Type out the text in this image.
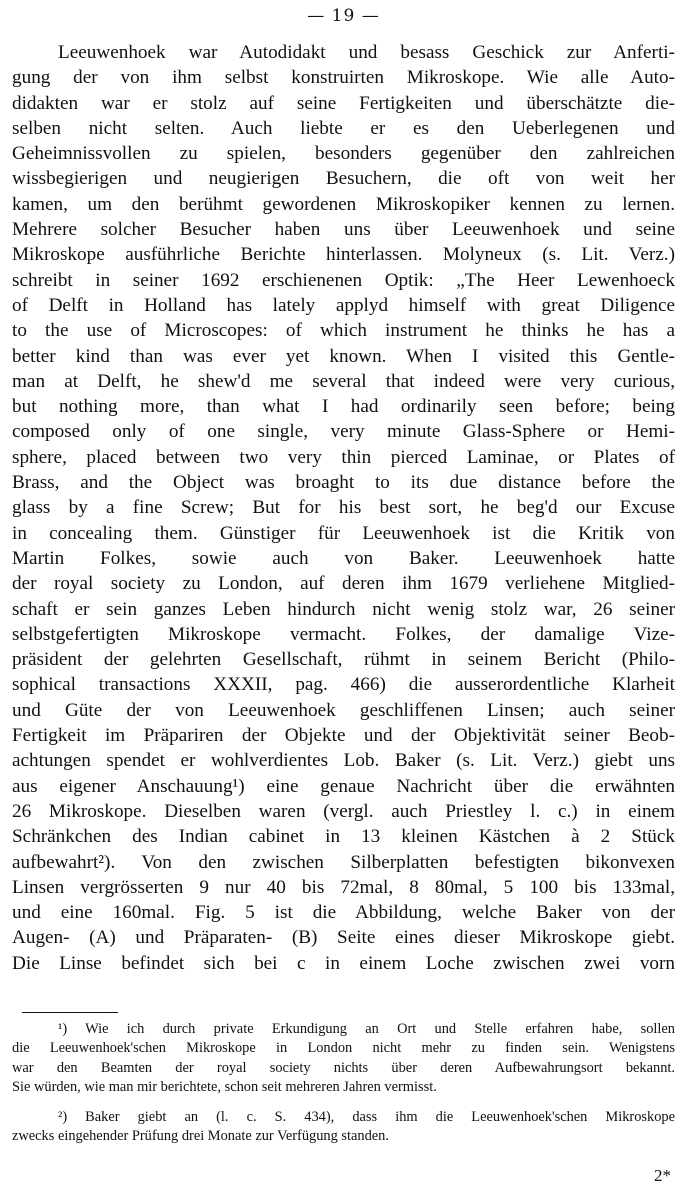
— 19 —
Leeuwenhoek war Autodidakt und besass Geschick zur Anferti-
gung der von ihm selbst konstruirten Mikroskope. Wie alle Auto-
didakten war er stolz auf seine Fertigkeiten und überschätzte die-
selben nicht selten. Auch liebte er es den Ueberlegenen und
Geheimnissvollen zu spielen, besonders gegenüber den zahlreichen
wissbegierigen und neugierigen Besuchern, die oft von weit her
kamen, um den berühmt gewordenen Mikroskopiker kennen zu lernen.
Mehrere solcher Besucher haben uns über Leeuwenhoek und seine
Mikroskope ausführliche Berichte hinterlassen. Molyneux (s. Lit. Verz.)
schreibt in seiner 1692 erschienenen Optik: „The Heer Lewenhoeck
of Delft in Holland has lately applyd himself with great Diligence
to the use of Microscopes: of which instrument he thinks he has a
better kind than was ever yet known. When I visited this Gentle-
man at Delft, he shew'd me several that indeed were very curious,
but nothing more, than what I had ordinarily seen before; being
composed only of one single, very minute Glass-Sphere or Hemi-
sphere, placed between two very thin pierced Laminae, or Plates of
Brass, and the Object was broaght to its due distance before the
glass by a fine Screw; But for his best sort, he beg'd our Excuse
in concealing them. Günstiger für Leeuwenhoek ist die Kritik von
Martin Folkes, sowie auch von Baker. Leeuwenhoek hatte
der royal society zu London, auf deren ihm 1679 verliehene Mitglied-
schaft er sein ganzes Leben hindurch nicht wenig stolz war, 26 seiner
selbstgefertigten Mikroskope vermacht. Folkes, der damalige Vize-
präsident der gelehrten Gesellschaft, rühmt in seinem Bericht (Philo-
sophical transactions XXXII, pag. 466) die ausserordentliche Klarheit
und Güte der von Leeuwenhoek geschliffenen Linsen; auch seiner
Fertigkeit im Präpariren der Objekte und der Objektivität seiner Beob-
achtungen spendet er wohlverdientes Lob. Baker (s. Lit. Verz.) giebt uns
aus eigener Anschauung¹) eine genaue Nachricht über die erwähnten
26 Mikroskope. Dieselben waren (vergl. auch Priestley l. c.) in einem
Schränkchen des Indian cabinet in 13 kleinen Kästchen à 2 Stück
aufbewahrt²). Von den zwischen Silberplatten befestigten bikonvexen
Linsen vergrösserten 9 nur 40 bis 72mal, 8 80mal, 5 100 bis 133mal,
und eine 160mal. Fig. 5 ist die Abbildung, welche Baker von der
Augen- (A) und Präparaten- (B) Seite eines dieser Mikroskope giebt.
Die Linse befindet sich bei c in einem Loche zwischen zwei vorn
¹) Wie ich durch private Erkundigung an Ort und Stelle erfahren habe, sollen
die Leeuwenhoek'schen Mikroskope in London nicht mehr zu finden sein. Wenigstens
war den Beamten der royal society nichts über deren Aufbewahrungsort bekannt.
Sie würden, wie man mir berichtete, schon seit mehreren Jahren vermisst.
²) Baker giebt an (l. c. S. 434), dass ihm die Leeuwenhoek'schen Mikroskope
zwecks eingehender Prüfung drei Monate zur Verfügung standen.
2*
